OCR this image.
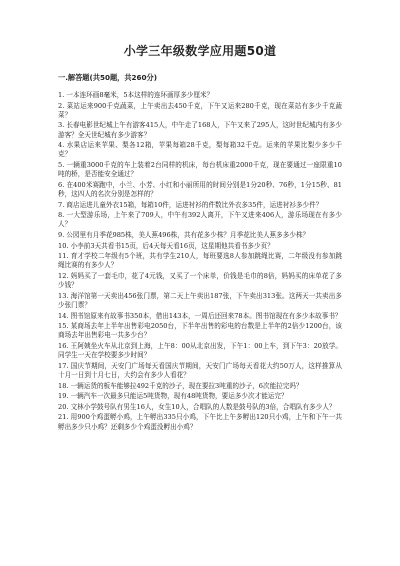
小学三年级数学应用题50道
一.解答题(共50题，共260分)
1. 一本连环画8毫米，5本这样的连环画厚多少厘米？
2. 菜站运来900千克蔬菜，上午卖出去450千克，下午又运来280千克，现在菜站有多少千克蔬菜？
3. 长春电影世纪城上午有游客415人，中午走了168人，下午又来了295人，这时世纪城内有多少游客？全天世纪城有多少游客？
4. 水果店运来苹果、梨各12箱，苹果每箱28千克，梨每箱32千克。运来的苹果比梨少多少千克？
5. 一辆重3000千克的车上装着2台同样的机床，每台机床重2000千克，现在要通过一座限重10吨的桥，是否能安全通过？
6. 在400米赛跑中，小兰、小芳、小红和小丽所用的时间分别是1分20秒、76秒，1分15秒、81秒，这四人的名次分别是怎样的？
7. 商店运进儿童外衣15箱，每箱10件，运进衬衫的件数比外衣多35件，运进衬衫多少件？
8. 一大型游乐场，上午来了709人，中午有392人离开，下午又进来406人，游乐场现在有多少人？
9. 公园里有月季花985株，美人蕉496株，共有花多少株？月季花比美人蕉多多少株？
10. 小李前3天共看书15页，后4天每天看16页，这星期他共看书多少页？
11. 育才学校二年级有5个班，共有学生210人，每班要选8人参加跳绳比赛，二年级没有参加跳绳比赛的有多少人？
12. 妈妈买了一套毛巾，花了4元钱，又买了一个床单，价钱是毛巾的8倍，妈妈买的床单花了多少钱？
13. 海洋馆第一天卖出456张门票，第二天上午卖出187张，下午卖出313张。这两天一共卖出多少张门票？
14. 图书馆原来有故事书350本，借出143本，一周后还回来78本。图书馆现在有多少本故事书？
15. 某商场去年上半年出售彩电2050台，下半年出售的彩电的台数是上半年的2倍少1200台，该商场去年出售彩电一共多少台？
16. 王阿姨坐火车从北京到上海，上午8：00从北京出发，下午1：00上车，到下午3：20放学。同学生一天在学校要多少时间？
17. 国庆节期间，天安门广场每天看国庆节期间，天安门广场每天看花大约50万人，这样推算从十月一日到十月七日，大约会有多少人看花？
18. 一辆运货的板车能够拉492千克的沙子，现在要拉3吨重的沙子，6次能拉完吗？
19. 一辆汽车一次最多只能运5吨货物，现有48吨货物，要运多少次才能运完？
20. 文林小学鼓号队有男生16人，女生10人，合唱队的人数是鼓号队的3倍，合唱队有多少人？
21. 用900个鸡蛋孵小鸡，上午孵出335只小鸡，下午比上午多孵出120只小鸡，上午和下午一共孵出多少只小鸡？还剩多少个鸡蛋没孵出小鸡？
